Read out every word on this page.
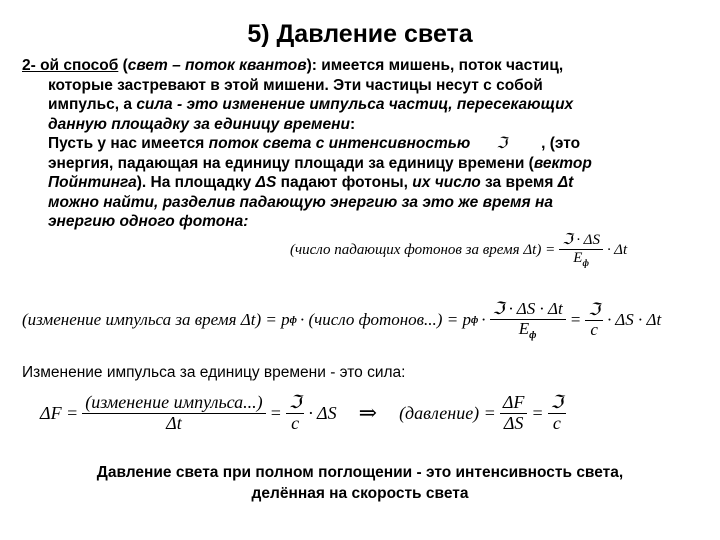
5) Давление света
2- ой способ (свет – поток квантов): имеется мишень, поток частиц,
которые застревают в этой мишени. Эти частицы несут с собой
импульс, а сила - это изменение импульса частиц, пересекающих
данную площадку за единицу времени:
Пусть у нас имеется поток света с интенсивностью ℑ , (это
энергия, падающая на единицу площади за единицу времени (вектор
Пойнтинга). На площадку ΔS падают фотоны, их число за время Δt
можно найти, разделив падающую энергию за это же время на
энергию одного фотона:
(число падающих фотонов за время $\Delta t) = \frac{\text{ℑ · ΔS}}{E_ф} \cdot \Delta t$
(изменение импульса за время Δt) = p ф · (число фотонов...) = p $ф \cdot \frac{\text{ℑ · ΔS · Δt}}{E_ф} = \frac{\text{ℑ}}{c} \cdot \Delta S \cdot \Delta t$
Изменение импульса за единицу времени - это сила:
$\Delta F = \frac{\text{(изменение импульса...)}}{\Delta t} = \frac{\text{ℑ}}{c} \cdot \Delta S$ ⇒ (давление) = $\frac{\Delta F}{\Delta S} = \frac{\text{ℑ}}{c}$
Давление света при полном поглощении - это интенсивность света,
делённая на скорость света
